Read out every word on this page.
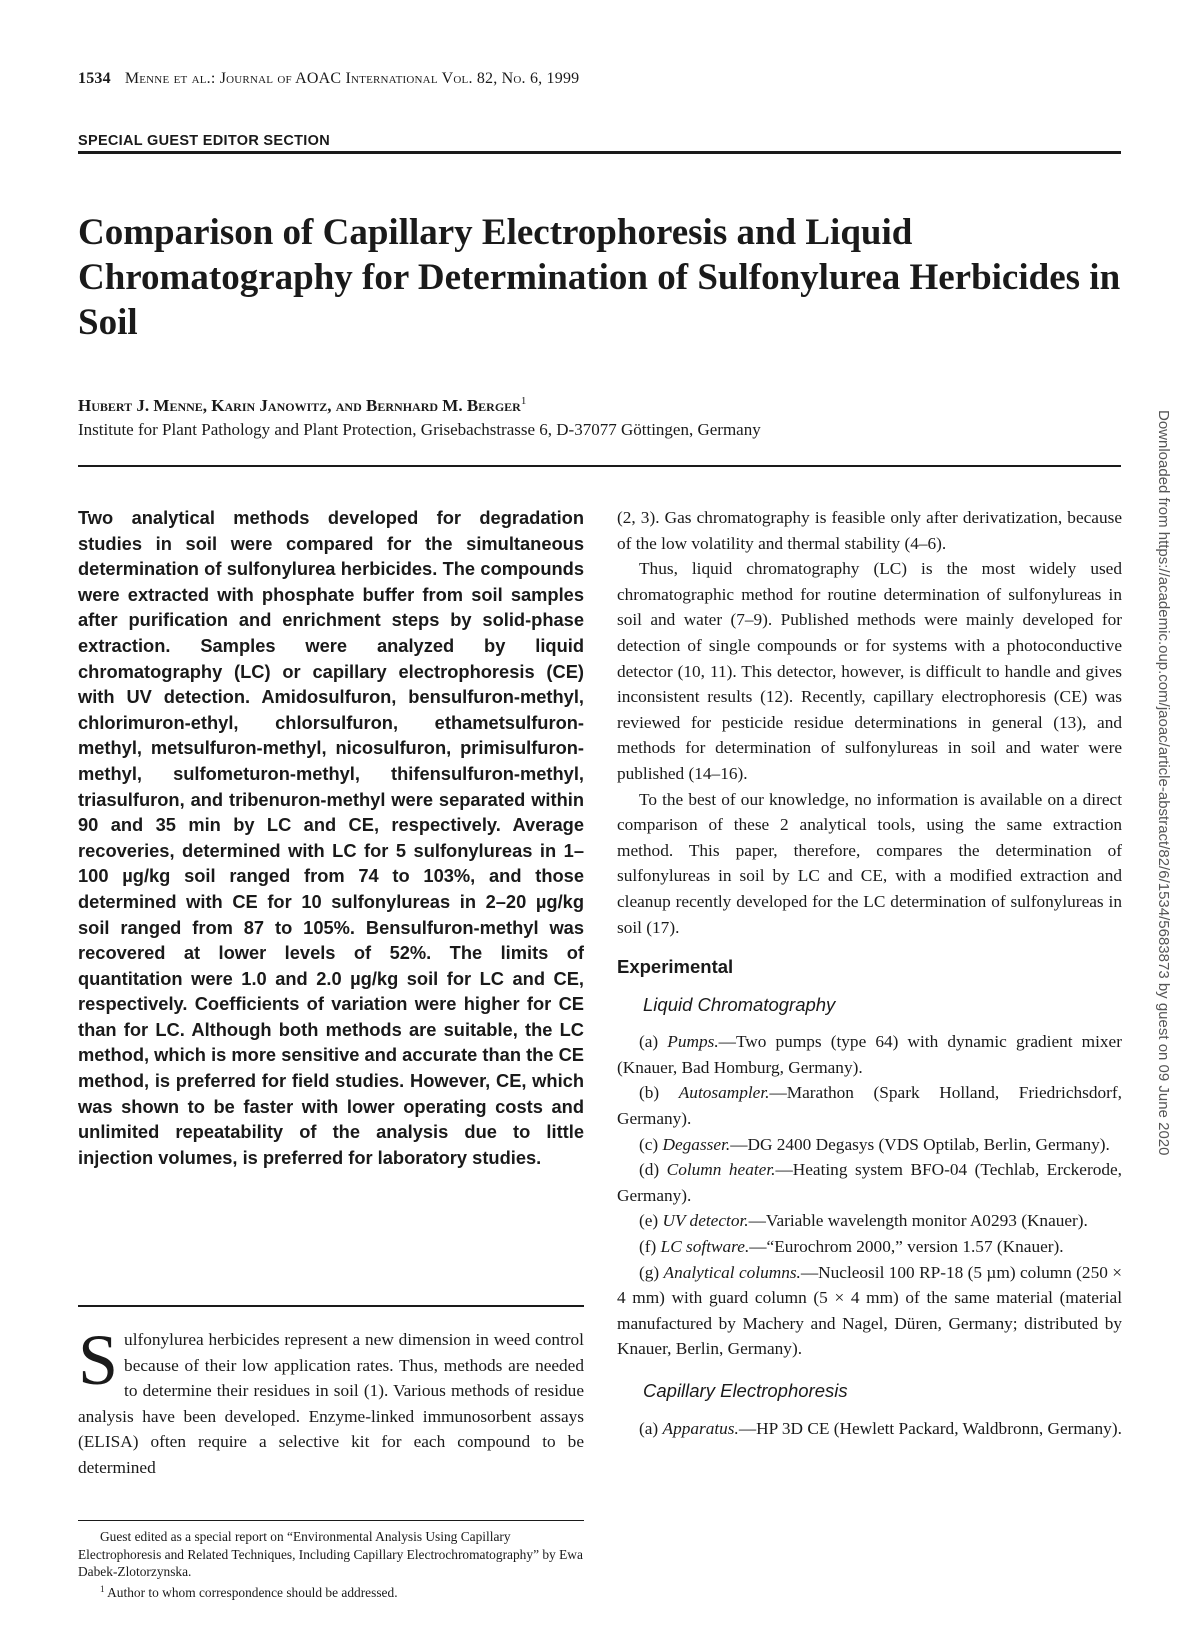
1534 Menne et al.: Journal of AOAC International Vol. 82, No. 6, 1999
SPECIAL GUEST EDITOR SECTION
Comparison of Capillary Electrophoresis and Liquid Chromatography for Determination of Sulfonylurea Herbicides in Soil
Hubert J. Menne, Karin Janowitz, and Bernhard M. Berger$^1$
Institute for Plant Pathology and Plant Protection, Grisebachstrasse 6, D-37077 Göttingen, Germany
Two analytical methods developed for degradation studies in soil were compared for the simultaneous determination of sulfonylurea herbicides. The compounds were extracted with phosphate buffer from soil samples after purification and enrichment steps by solid-phase extraction. Samples were analyzed by liquid chromatography (LC) or capillary electrophoresis (CE) with UV detection. Amidosulfuron, bensulfuron-methyl, chlorimuron-ethyl, chlorsulfuron, ethametsulfuron-methyl, metsulfuron-methyl, nicosulfuron, primisulfuron-methyl, sulfometuron-methyl, thifensulfuron-methyl, triasulfuron, and tribenuron-methyl were separated within 90 and 35 min by LC and CE, respectively. Average recoveries, determined with LC for 5 sulfonylureas in 1–100 µg/kg soil ranged from 74 to 103%, and those determined with CE for 10 sulfonylureas in 2–20 µg/kg soil ranged from 87 to 105%. Bensulfuron-methyl was recovered at lower levels of 52%. The limits of quantitation were 1.0 and 2.0 µg/kg soil for LC and CE, respectively. Coefficients of variation were higher for CE than for LC. Although both methods are suitable, the LC method, which is more sensitive and accurate than the CE method, is preferred for field studies. However, CE, which was shown to be faster with lower operating costs and unlimited repeatability of the analysis due to little injection volumes, is preferred for laboratory studies.
Sulfonylurea herbicides represent a new dimension in weed control because of their low application rates. Thus, methods are needed to determine their residues in soil (1). Various methods of residue analysis have been developed. Enzyme-linked immunosorbent assays (ELISA) often require a selective kit for each compound to be determined

Guest edited as a special report on “Environmental Analysis Using Capillary Electrophoresis and Related Techniques, Including Capillary Electrochromatography” by Ewa Dabek-Zlotorzynska.

$^1$ Author to whom correspondence should be addressed.

(2, 3). Gas chromatography is feasible only after derivatization, because of the low volatility and thermal stability (4–6).

Thus, liquid chromatography (LC) is the most widely used chromatographic method for routine determination of sulfonylureas in soil and water (7–9). Published methods were mainly developed for detection of single compounds or for systems with a photoconductive detector (10, 11). This detector, however, is difficult to handle and gives inconsistent results (12). Recently, capillary electrophoresis (CE) was reviewed for pesticide residue determinations in general (13), and methods for determination of sulfonylureas in soil and water were published (14–16).

To the best of our knowledge, no information is available on a direct comparison of these 2 analytical tools, using the same extraction method. This paper, therefore, compares the determination of sulfonylureas in soil by LC and CE, with a modified extraction and cleanup recently developed for the LC determination of sulfonylureas in soil (17).

Experimental
Liquid Chromatography

(a) Pumps.—Two pumps (type 64) with dynamic gradient mixer (Knauer, Bad Homburg, Germany).

(b) Autosampler.—Marathon (Spark Holland, Friedrichsdorf, Germany).

(c) Degasser.—DG 2400 Degasys (VDS Optilab, Berlin, Germany).

(d) Column heater.—Heating system BFO-04 (Techlab, Erckerode, Germany).

(e) UV detector.—Variable wavelength monitor A0293 (Knauer).

(f) LC software.—“Eurochrom 2000,” version 1.57 (Knauer).

(g) Analytical columns.—Nucleosil 100 RP-18 (5 µm) column (250 × 4 mm) with guard column (5 × 4 mm) of the same material (material manufactured by Machery and Nagel, Düren, Germany; distributed by Knauer, Berlin, Germany).

Capillary Electrophoresis

(a) Apparatus.—HP 3D CE (Hewlett Packard, Waldbronn, Germany).

Downloaded from https://academic.oup.com/jaoac/article-abstract/82/6/1534/5683873 by guest on 09 June 2020
